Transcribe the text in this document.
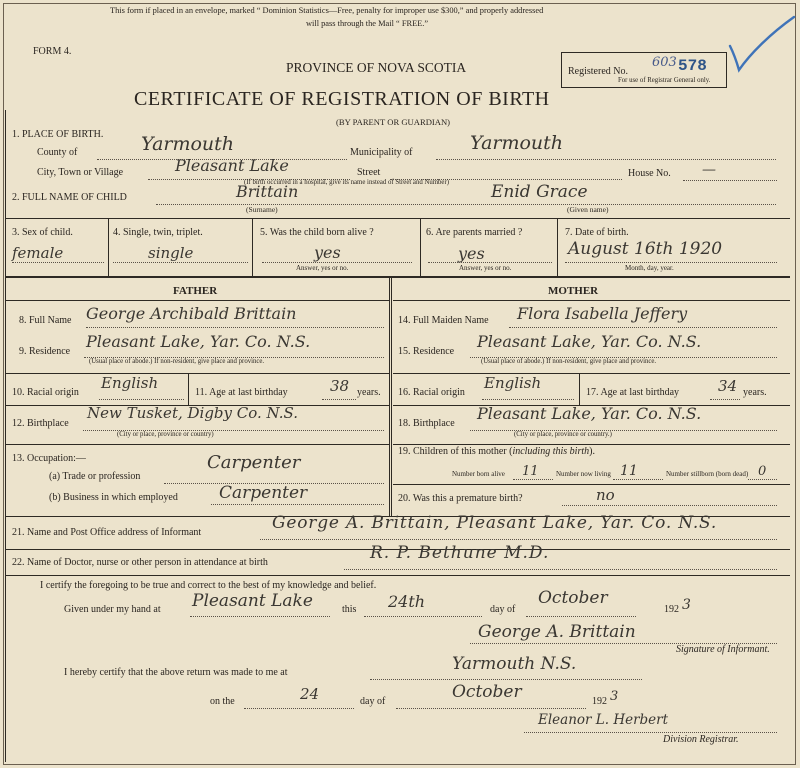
This form if placed in an envelope, marked “ Dominion Statistics—Free, penalty for improper use $300,” and properly addressed
will pass through the Mail “ FREE.”
FORM 4.
PROVINCE OF NOVA SCOTIA
CERTIFICATE OF REGISTRATION OF BIRTH
(BY PARENT OR GUARDIAN)
Registered No.
603 578
For use of Registrar General only.
1. PLACE OF BIRTH.
County of	Yarmouth	Municipality of	Yarmouth
City, Town or Village	Pleasant Lake	Street	House No. —
(If birth occurred in a hospital, give its name instead of Street and Number)
2. FULL NAME OF CHILD	Brittain	Enid Grace
(Surname)	(Given name)
3. Sex of child.
female
4. Single, twin, triplet.
single
5. Was the child born alive ?
yes
Answer, yes or no.
6. Are parents married ?
yes
Answer, yes or no.
7. Date of birth.
August 16th 1920
Month, day, year.
FATHER	MOTHER
8. Full Name George Archibald Brittain
9. Residence
Pleasant Lake, Yar. Co. N.S.
(Usual place of abode.) If non-resident, give place and province.
10. Racial origin
English
11. Age at last birthday	38 years.
12. Birthplace
New Tusket, Digby Co. N.S.
(City or place, province or country)
13. Occupation:—
(a) Trade or profession
Carpenter
(b) Business in which employed Carpenter
14. Full Maiden Name Flora Isabella Jeffery
15. Residence
Pleasant Lake, Yar. Co. N.S.
(Usual place of abode.) If non-resident, give place and province.
16. Racial origin
English
17. Age at last birthday	34 years.
18. Birthplace
Pleasant Lake, Yar. Co. N.S.
(City or place, province or country.)
19. Children of this mother (including this birth).
Number born alive 11 Number now living 11	Number stillborn (born dead) 0
20. Was this a premature birth?	no
21. Name and Post Office address of Informant	George A. Brittain, Pleasant Lake, Yar. Co. N.S.
22. Name of Doctor, nurse or other person in attendance at birth	R. P. Bethune M.D.
I certify the foregoing to be true and correct to the best of my knowledge and belief.
Given under my hand at Pleasant Lake	this 24th	day of
October
192 3
George A. Brittain
Signature of Informant.
I hereby certify that the above return was made to me at	Yarmouth N.S.
on the	24	day of	October	192 3
Eleanor L. Herbert
Division Registrar.
